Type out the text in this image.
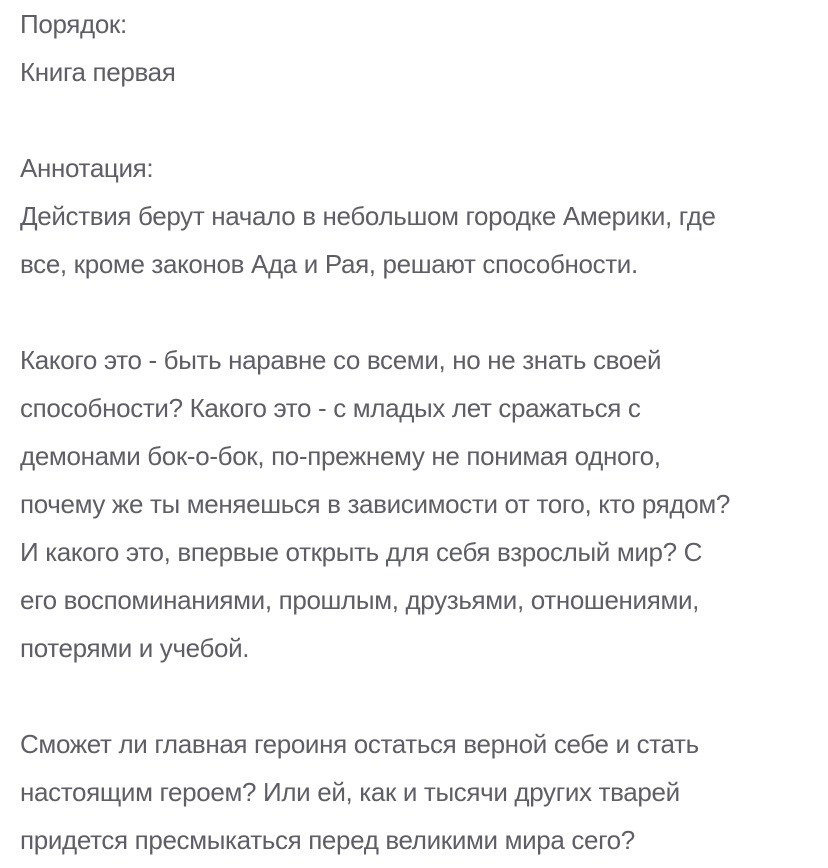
Порядок:
Книга первая
Аннотация:
Действия берут начало в небольшом городке Америки, где
все, кроме законов Ада и Рая, решают способности.
Какого это - быть наравне со всеми, но не знать своей
способности? Какого это - с младых лет сражаться с
демонами бок-о-бок, по-прежнему не понимая одного,
почему же ты меняешься в зависимости от того, кто рядом?
И какого это, впервые открыть для себя взрослый мир? С
его воспоминаниями, прошлым, друзьями, отношениями,
потерями и учебой.
Сможет ли главная героиня остаться верной себе и стать
настоящим героем? Или ей, как и тысячи других тварей
придется пресмыкаться перед великими мира сего?
